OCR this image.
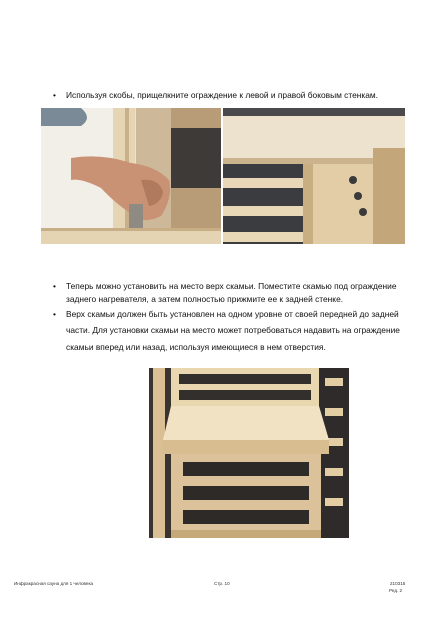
• Используя скобы, прищелкните ограждение к левой и правой боковым стенкам.
• Теперь можно установить на место верх скамьи. Поместите скамью под ограждение заднего нагревателя, а затем полностью прижмите ее к задней стенке.
• Верх скамьи должен быть установлен на одном уровне от своей передней до задней части. Для установки скамьи на место может потребоваться надавить на ограждение скамьи вперед или назад, используя имеющиеся в нем отверстия.
Инфракрасная сауна для 1 человека	Стр. 10	210315
Ред. 2
